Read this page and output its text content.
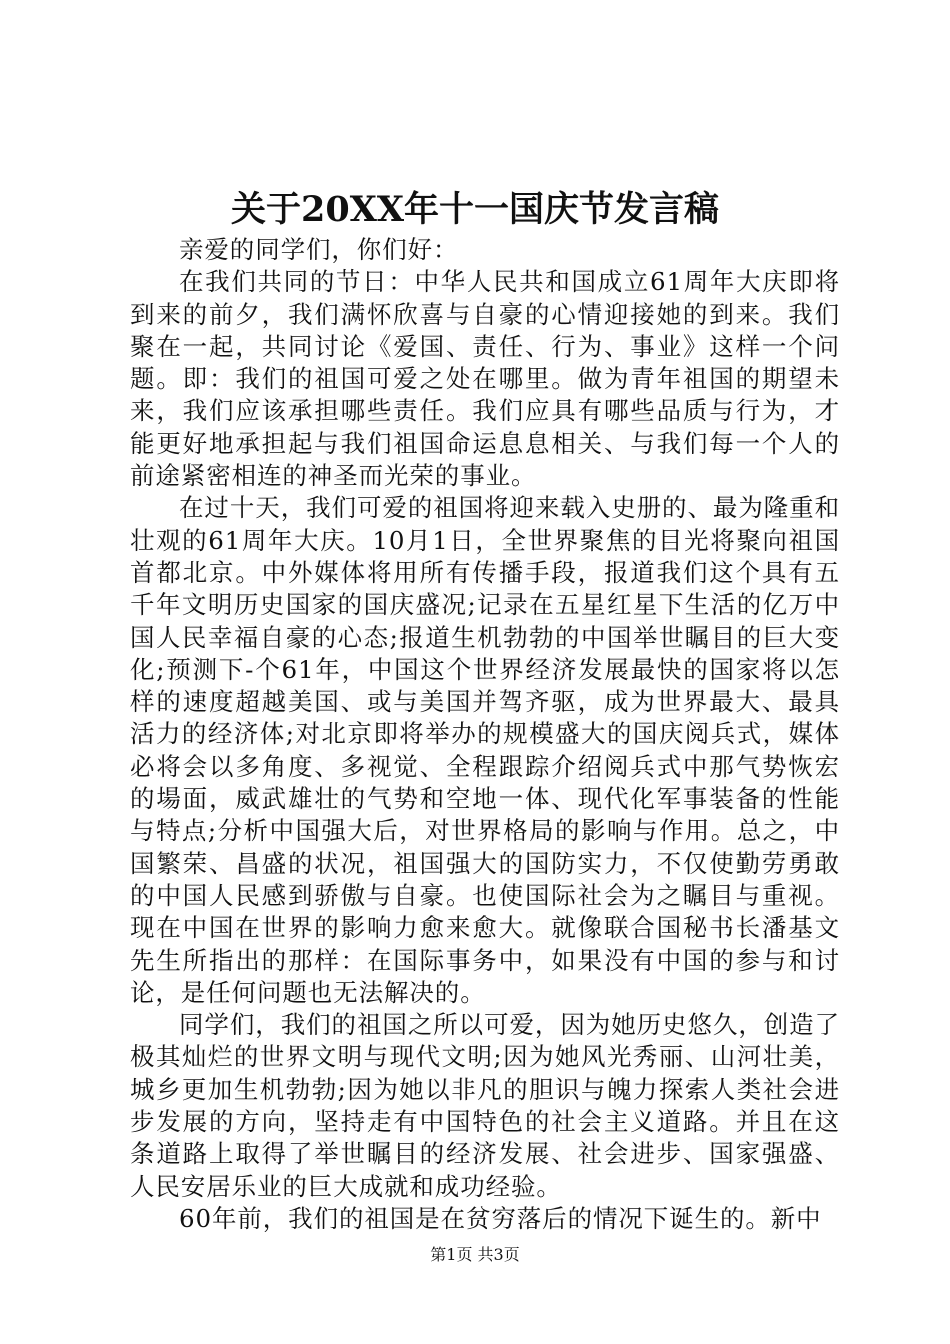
关于20XX年十一国庆节发言稿

亲爱的同学们，你们好：

在我们共同的节日：中华人民共和国成立61周年大庆即将到来的前夕，我们满怀欣喜与自豪的心情迎接她的到来。我们聚在一起，共同讨论《爱国、责任、行为、事业》这样一个问题。即：我们的祖国可爱之处在哪里。做为青年祖国的期望未来，我们应该承担哪些责任。我们应具有哪些品质与行为，才能更好地承担起与我们祖国命运息息相关、与我们每一个人的前途紧密相连的神圣而光荣的事业。

在过十天，我们可爱的祖国将迎来载入史册的、最为隆重和壮观的61周年大庆。10月1日，全世界聚焦的目光将聚向祖国首都北京。中外媒体将用所有传播手段，报道我们这个具有五千年文明历史国家的国庆盛况;记录在五星红星下生活的亿万中国人民幸福自豪的心态;报道生机勃勃的中国举世瞩目的巨大变化;预测下-个61年，中国这个世界经济发展最快的国家将以怎样的速度超越美国、或与美国并驾齐驱，成为世界最大、最具活力的经济体;对北京即将举办的规模盛大的国庆阅兵式，媒体必将会以多角度、多视觉、全程跟踪介绍阅兵式中那气势恢宏的場面，威武雄壮的气势和空地一体、现代化军事装备的性能与特点;分析中国强大后，对世界格局的影响与作用。总之，中国繁荣、昌盛的状况，祖国强大的国防实力，不仅使勤劳勇敢的中国人民感到骄傲与自豪。也使国际社会为之瞩目与重视。现在中国在世界的影响力愈来愈大。就像联合国秘书长潘基文先生所指出的那样：在国际事务中，如果没有中国的参与和讨论，是任何问题也无法解决的。

同学们，我们的祖国之所以可爱，因为她历史悠久，创造了极其灿烂的世界文明与现代文明;因为她风光秀丽、山河壮美，城乡更加生机勃勃;因为她以非凡的胆识与魄力探索人类社会进步发展的方向，坚持走有中国特色的社会主义道路。并且在这条道路上取得了举世瞩目的经济发展、社会进步、国家强盛、人民安居乐业的巨大成就和成功经验。

60年前，我们的祖国是在贫穷落后的情况下诞生的。新中

第1页 共3页
